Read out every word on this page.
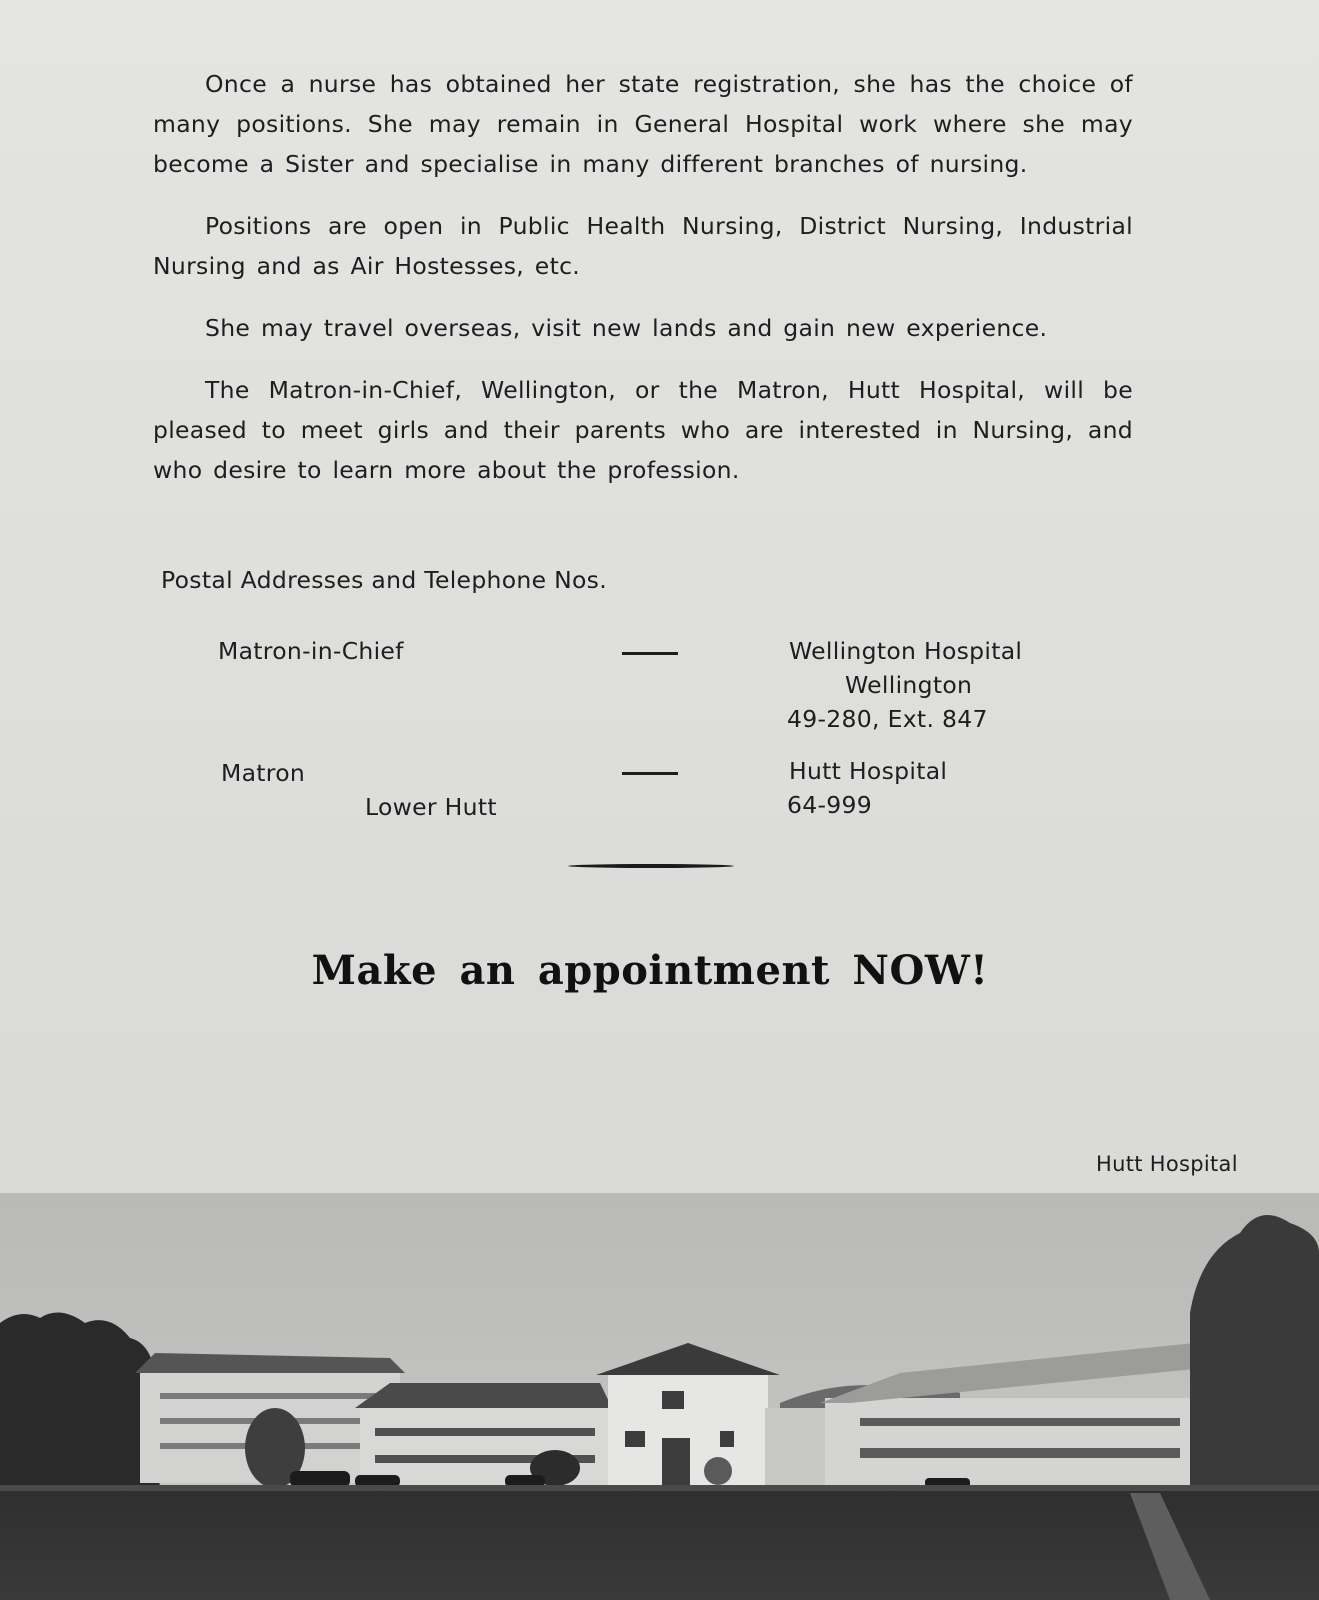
Once a nurse has obtained her state registration, she has the choice of many positions. She may remain in General Hospital work where she may become a Sister and specialise in many different branches of nursing.

Positions are open in Public Health Nursing, District Nursing, Industrial Nursing and as Air Hostesses, etc.

She may travel overseas, visit new lands and gain new experience.

The Matron-in-Chief, Wellington, or the Matron, Hutt Hospital, will be pleased to meet girls and their parents who are interested in Nursing, and who desire to learn more about the profession.

Postal Addresses and Telephone Nos.
Matron-in-Chief	Wellington Hospital
Wellington
49-280, Ext. 847
Matron
Lower Hutt
Hutt Hospital
64-999
Make an appointment NOW!
Hutt Hospital
